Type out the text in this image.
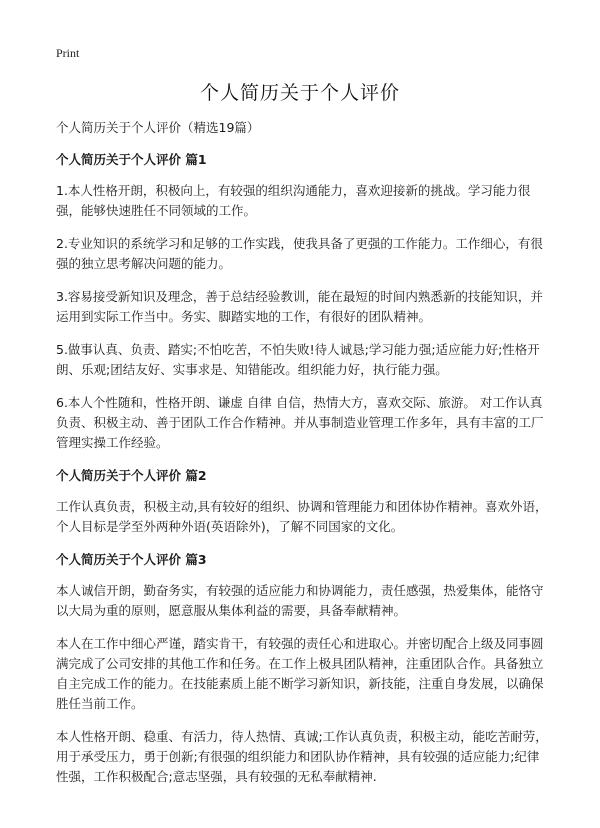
Print
个人简历关于个人评价

个人简历关于个人评价（精选19篇）

个人简历关于个人评价 篇1

1.本人性格开朗，积极向上，有较强的组织沟通能力，喜欢迎接新的挑战。学习能力很强，能够快速胜任不同领域的工作。

2.专业知识的系统学习和足够的工作实践，使我具备了更强的工作能力。工作细心，有很强的独立思考解决问题的能力。

3.容易接受新知识及理念，善于总结经验教训，能在最短的时间内熟悉新的技能知识，并运用到实际工作当中。务实、脚踏实地的工作，有很好的团队精神。

5.做事认真、负责、踏实;不怕吃苦，不怕失败!待人诚恳;学习能力强;适应能力好;性格开朗、乐观;团结友好、实事求是、知错能改。组织能力好，执行能力强。

6.本人个性随和，性格开朗、谦虚 自律 自信，热情大方，喜欢交际、旅游。 对工作认真负责、积极主动、善于团队工作合作精神。并从事制造业管理工作多年，具有丰富的工厂管理实操工作经验。

个人简历关于个人评价 篇2

工作认真负责，积极主动,具有较好的组织、协调和管理能力和团体协作精神。喜欢外语，个人目标是学至外两种外语(英语除外)，了解不同国家的文化。

个人简历关于个人评价 篇3

本人诚信开朗，勤奋务实，有较强的适应能力和协调能力，责任感强，热爱集体，能恪守以大局为重的原则，愿意服从集体利益的需要，具备奉献精神。

本人在工作中细心严谨，踏实肯干，有较强的责任心和进取心。并密切配合上级及同事圆满完成了公司安排的其他工作和任务。在工作上极具团队精神，注重团队合作。具备独立自主完成工作的能力。在技能素质上能不断学习新知识，新技能，注重自身发展，以确保胜任当前工作。

本人性格开朗、稳重、有活力，待人热情、真诚;工作认真负责，积极主动，能吃苦耐劳，用于承受压力，勇于创新;有很强的组织能力和团队协作精神，具有较强的适应能力;纪律性强，工作积极配合;意志坚强，具有较强的无私奉献精神.
